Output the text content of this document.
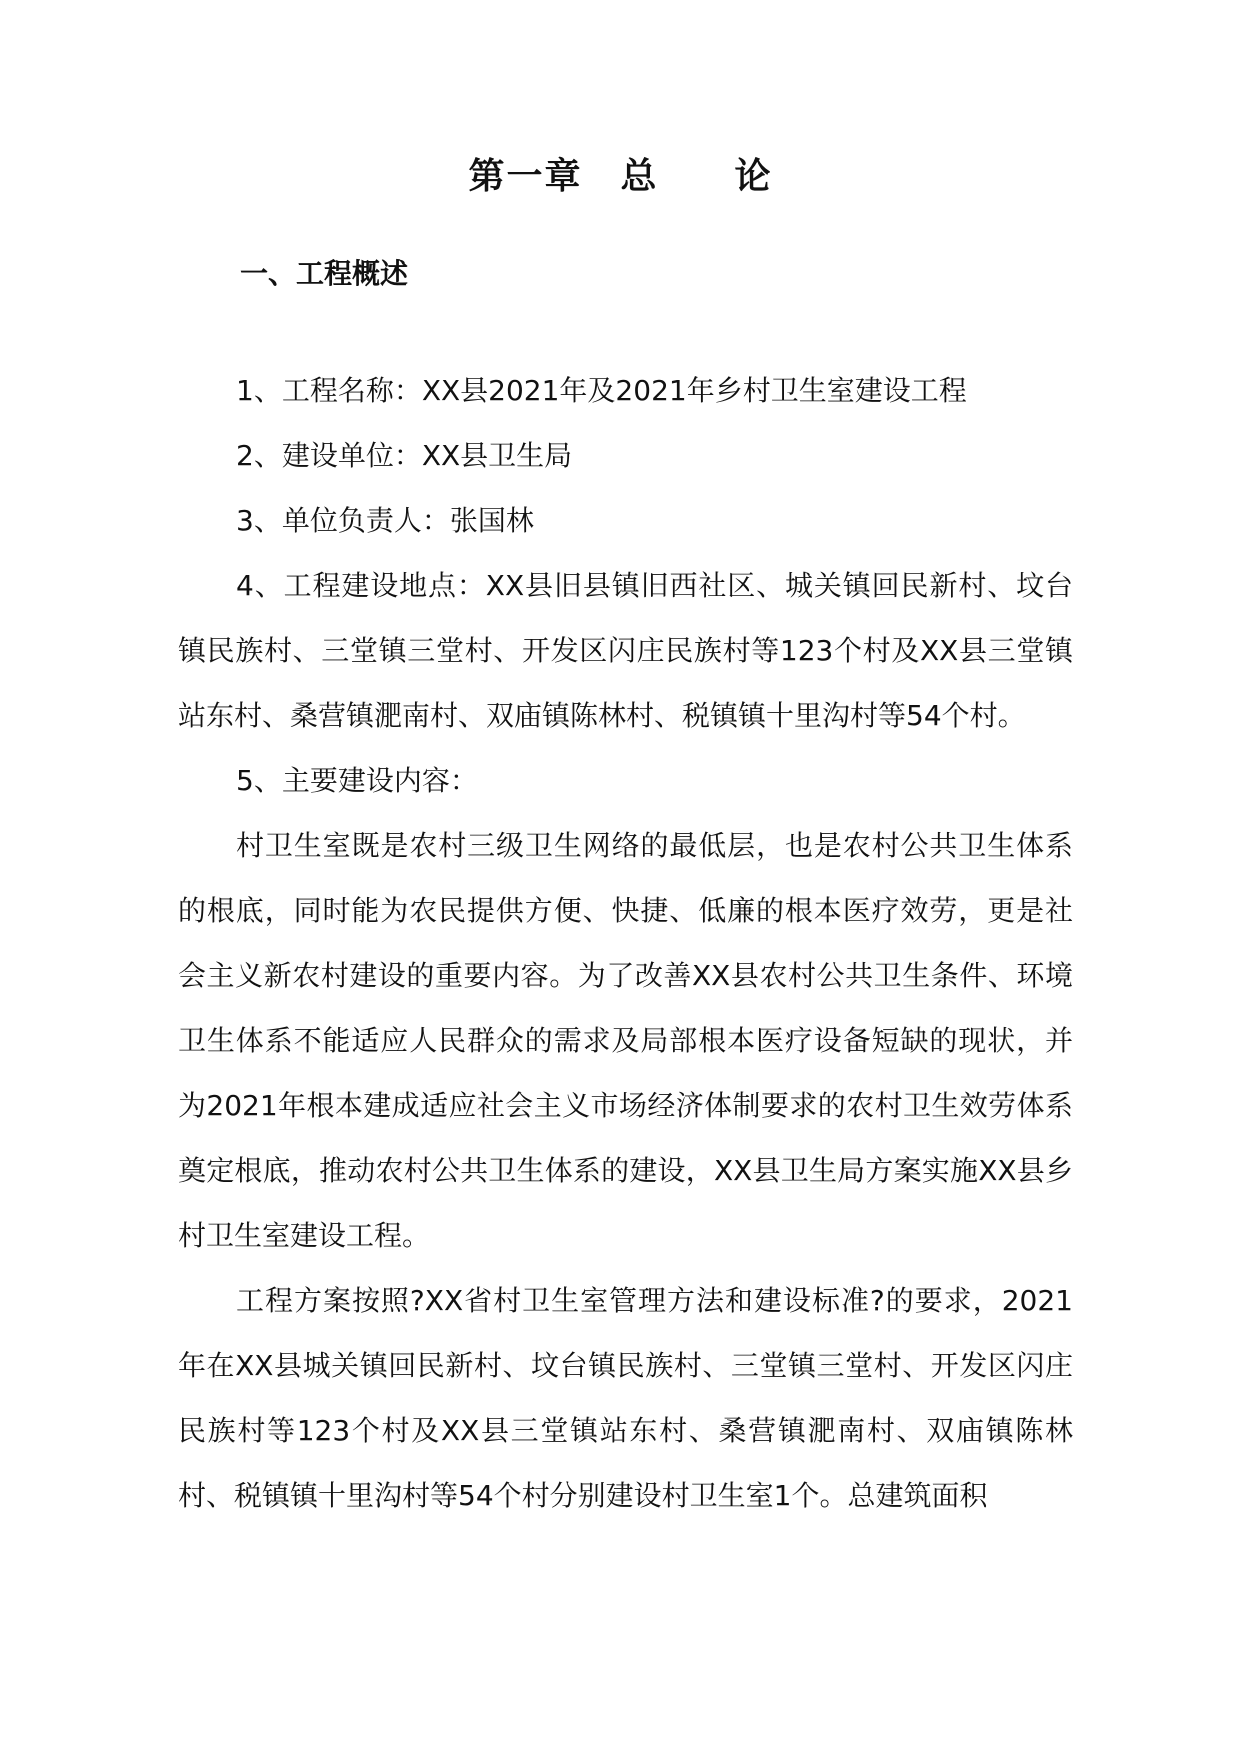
第一章　总　　论
一、工程概述

1、工程名称：XX县2021年及2021年乡村卫生室建设工程

2、建设单位：XX县卫生局

3、单位负责人：张国林

4、工程建设地点：XX县旧县镇旧西社区、城关镇回民新村、坟台镇民族村、三堂镇三堂村、开发区闪庄民族村等123个村及XX县三堂镇站东村、桑营镇淝南村、双庙镇陈林村、税镇镇十里沟村等54个村。

5、主要建设内容：

村卫生室既是农村三级卫生网络的最低层，也是农村公共卫生体系的根底，同时能为农民提供方便、快捷、低廉的根本医疗效劳，更是社会主义新农村建设的重要内容。为了改善XX县农村公共卫生条件、环境卫生体系不能适应人民群众的需求及局部根本医疗设备短缺的现状，并为2021年根本建成适应社会主义市场经济体制要求的农村卫生效劳体系奠定根底，推动农村公共卫生体系的建设，XX县卫生局方案实施XX县乡村卫生室建设工程。

工程方案按照?XX省村卫生室管理方法和建设标准?的要求，2021年在XX县城关镇回民新村、坟台镇民族村、三堂镇三堂村、开发区闪庄民族村等123个村及XX县三堂镇站东村、桑营镇淝南村、双庙镇陈林村、税镇镇十里沟村等54个村分别建设村卫生室1个。总建筑面积
